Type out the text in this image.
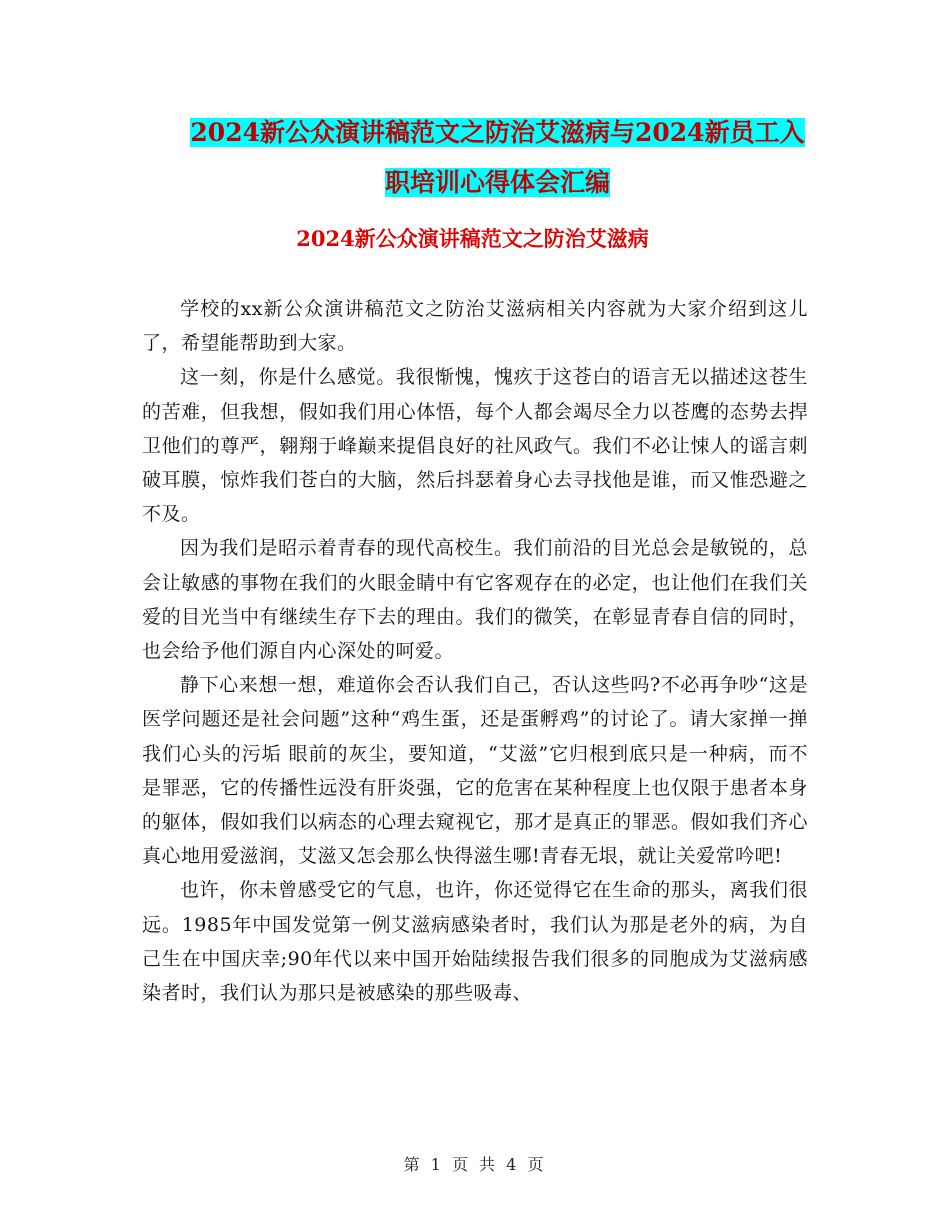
2024新公众演讲稿范文之防治艾滋病与2024新员工入职培训心得体会汇编
2024新公众演讲稿范文之防治艾滋病

学校的xx新公众演讲稿范文之防治艾滋病相关内容就为大家介绍到这儿了，希望能帮助到大家。

这一刻，你是什么感觉。我很惭愧，愧疚于这苍白的语言无以描述这苍生的苦难，但我想，假如我们用心体悟，每个人都会竭尽全力以苍鹰的态势去捍卫他们的尊严，翱翔于峰巅来提倡良好的社风政气。我们不必让悚人的谣言刺破耳膜，惊炸我们苍白的大脑，然后抖瑟着身心去寻找他是谁，而又惟恐避之不及。

因为我们是昭示着青春的现代高校生。我们前沿的目光总会是敏锐的，总会让敏感的事物在我们的火眼金睛中有它客观存在的必定，也让他们在我们关爱的目光当中有继续生存下去的理由。我们的微笑，在彰显青春自信的同时，也会给予他们源自内心深处的呵爱。

静下心来想一想，难道你会否认我们自己，否认这些吗?不必再争吵“这是医学问题还是社会问题”这种“鸡生蛋，还是蛋孵鸡”的讨论了。请大家掸一掸我们心头的污垢 眼前的灰尘，要知道，“艾滋”它归根到底只是一种病，而不是罪恶，它的传播性远没有肝炎强，它的危害在某种程度上也仅限于患者本身的躯体，假如我们以病态的心理去窥视它，那才是真正的罪恶。假如我们齐心真心地用爱滋润，艾滋又怎会那么快得滋生哪!青春无垠，就让关爱常吟吧!

也许，你未曾感受它的气息，也许，你还觉得它在生命的那头，离我们很远。1985年中国发觉第一例艾滋病感染者时，我们认为那是老外的病，为自己生在中国庆幸;90年代以来中国开始陆续报告我们很多的同胞成为艾滋病感染者时，我们认为那只是被感染的那些吸毒、

第 1 页 共 4 页
